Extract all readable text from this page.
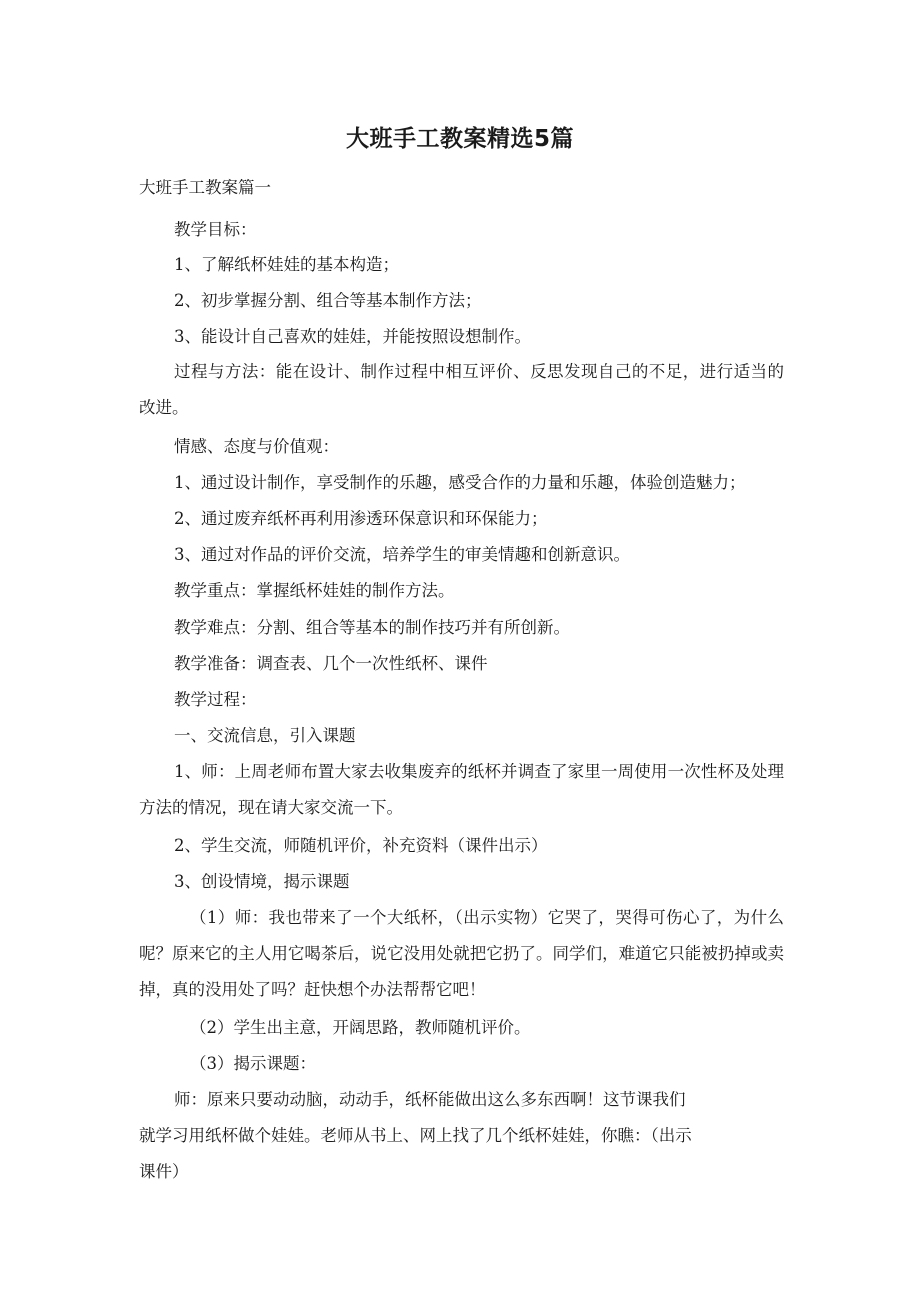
大班手工教案精选5篇
大班手工教案篇一
教学目标：
1、了解纸杯娃娃的基本构造；
2、初步掌握分割、组合等基本制作方法；
3、能设计自己喜欢的娃娃，并能按照设想制作。
过程与方法：能在设计、制作过程中相互评价、反思发现自己的不足，进行适当的改进。
情感、态度与价值观：
1、通过设计制作，享受制作的乐趣，感受合作的力量和乐趣，体验创造魅力；
2、通过废弃纸杯再利用渗透环保意识和环保能力；
3、通过对作品的评价交流，培养学生的审美情趣和创新意识。
教学重点：掌握纸杯娃娃的制作方法。
教学难点：分割、组合等基本的制作技巧并有所创新。
教学准备：调查表、几个一次性纸杯、课件
教学过程：
一、交流信息，引入课题
1、师：上周老师布置大家去收集废弃的纸杯并调查了家里一周使用一次性杯及处理方法的情况，现在请大家交流一下。
2、学生交流，师随机评价，补充资料（课件出示）
3、创设情境，揭示课题
（1）师：我也带来了一个大纸杯，（出示实物）它哭了，哭得可伤心了，为什么呢？原来它的主人用它喝茶后，说它没用处就把它扔了。同学们，难道它只能被扔掉或卖掉，真的没用处了吗？赶快想个办法帮帮它吧！
（2）学生出主意，开阔思路，教师随机评价。
（3）揭示课题：
师：原来只要动动脑，动动手，纸杯能做出这么多东西啊！这节课我们就学习用纸杯做个娃娃。老师从书上、网上找了几个纸杯娃娃，你瞧：（出示课件）
